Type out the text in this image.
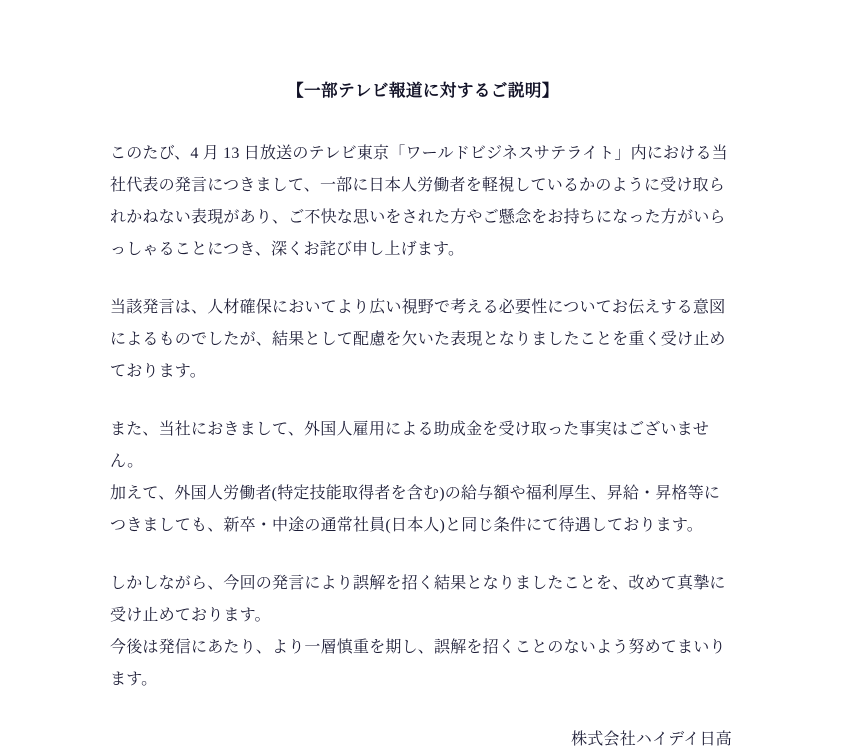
【一部テレビ報道に対するご説明】

このたび、4 月 13 日放送のテレビ東京「ワールドビジネスサテライト」内における当社代表の発言につきまして、一部に日本人労働者を軽視しているかのように受け取られかねない表現があり、ご不快な思いをされた方やご懸念をお持ちになった方がいらっしゃることにつき、深くお詫び申し上げます。

当該発言は、人材確保においてより広い視野で考える必要性についてお伝えする意図によるものでしたが、結果として配慮を欠いた表現となりましたことを重く受け止めております。

また、当社におきまして、外国人雇用による助成金を受け取った事実はございません。

加えて、外国人労働者(特定技能取得者を含む)の給与額や福利厚生、昇給・昇格等につきましても、新卒・中途の通常社員(日本人)と同じ条件にて待遇しております。

しかしながら、今回の発言により誤解を招く結果となりましたことを、改めて真摯に受け止めております。

今後は発信にあたり、より一層慎重を期し、誤解を招くことのないよう努めてまいります。

株式会社ハイデイ日高
